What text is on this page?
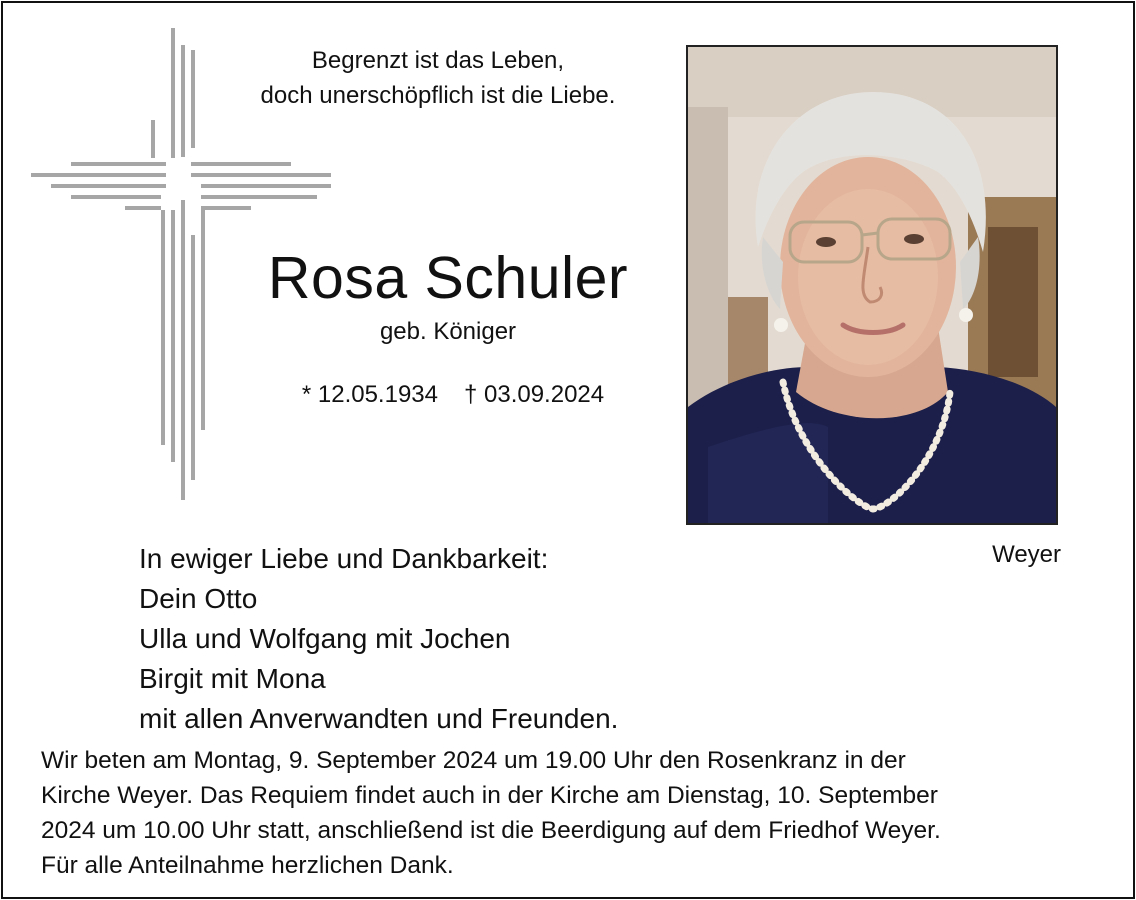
Begrenzt ist das Leben,
doch unerschöpflich ist die Liebe.
Rosa Schuler
geb. Königer
* 12.05.1934 † 03.09.2024
Weyer
In ewiger Liebe und Dankbarkeit:
Dein Otto
Ulla und Wolfgang mit Jochen
Birgit mit Mona
mit allen Anverwandten und Freunden.
Wir beten am Montag, 9. September 2024 um 19.00 Uhr den Rosenkranz in der
Kirche Weyer. Das Requiem findet auch in der Kirche am Dienstag, 10. September
2024 um 10.00 Uhr statt, anschließend ist die Beerdigung auf dem Friedhof Weyer.
Für alle Anteilnahme herzlichen Dank.
